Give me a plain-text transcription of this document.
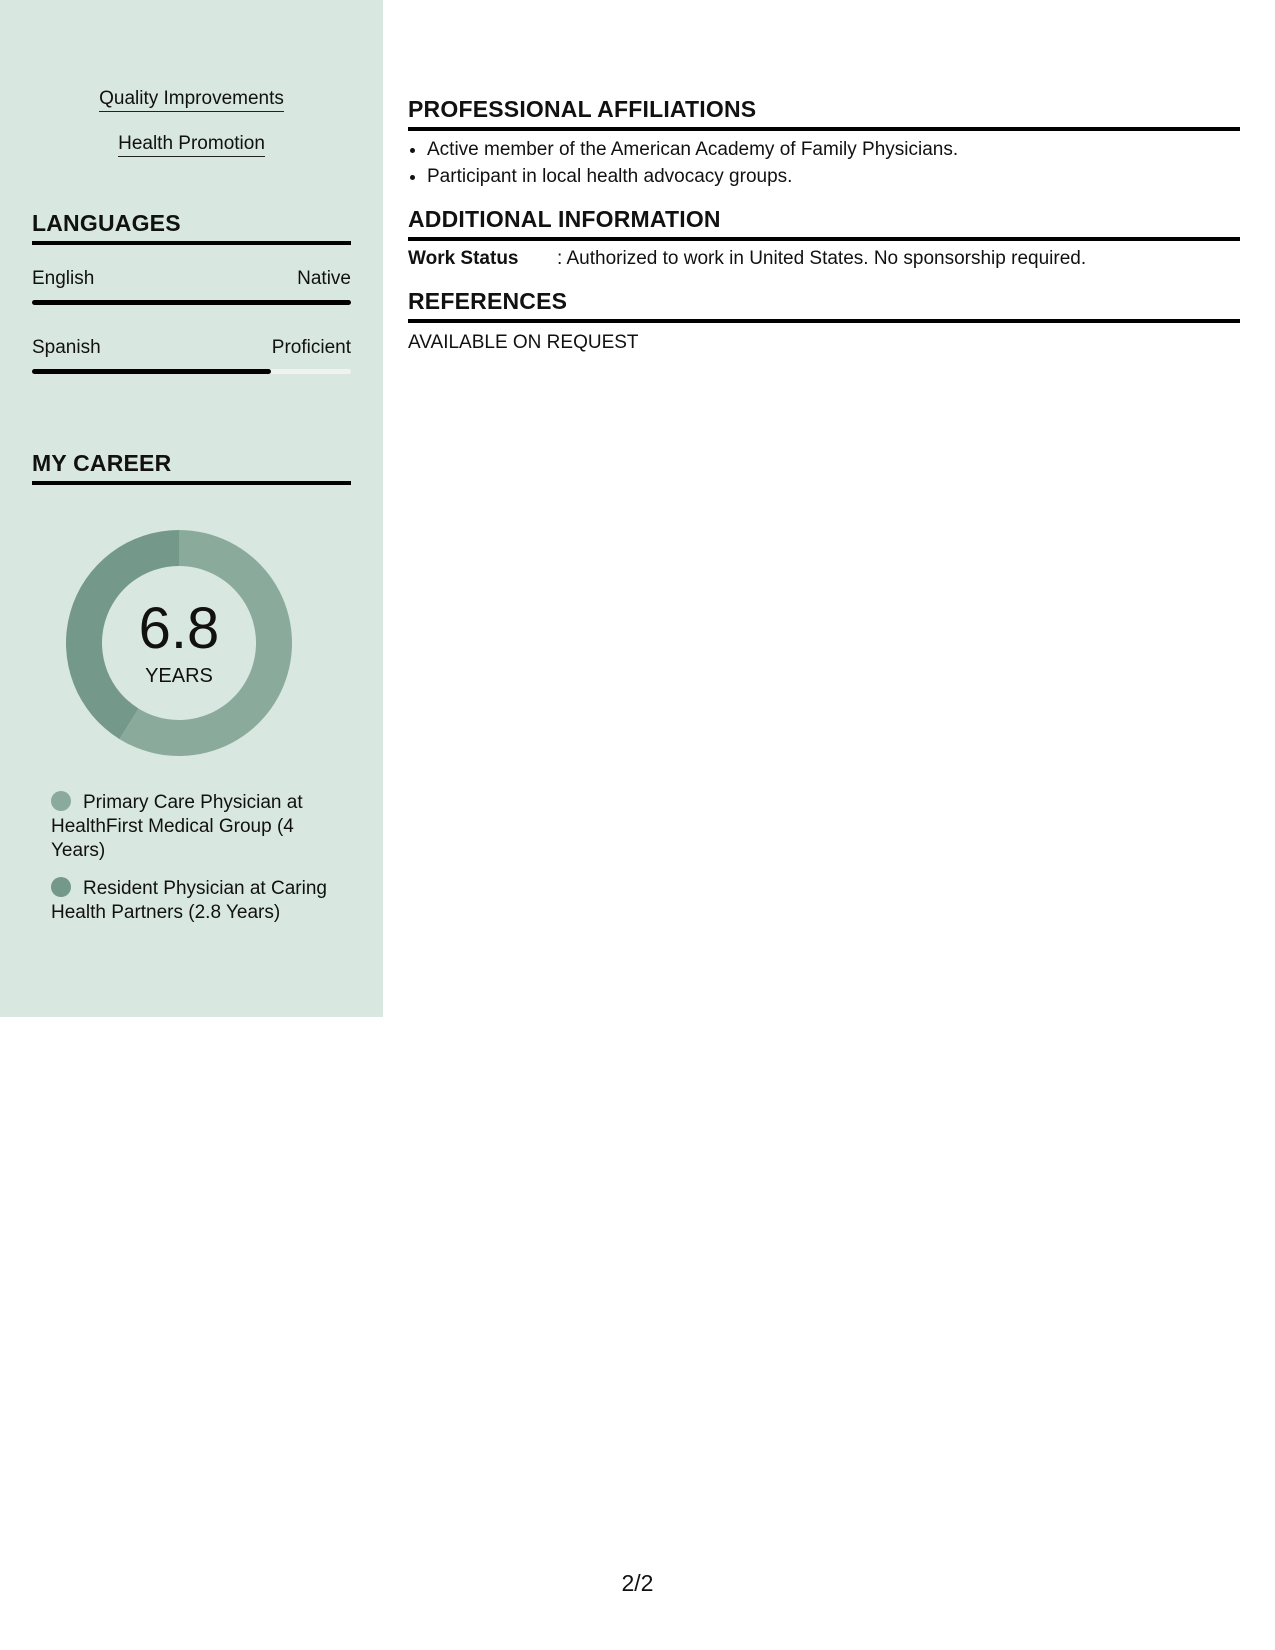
Quality Improvements
Health Promotion
LANGUAGES
English	Native
Spanish	Proficient
MY CAREER
6.8
YEARS
Primary Care Physician at HealthFirst Medical Group (4 Years)
Resident Physician at Caring Health Partners (2.8 Years)
PROFESSIONAL AFFILIATIONS
• Active member of the American Academy of Family Physicians.
• Participant in local health advocacy groups.
ADDITIONAL INFORMATION
Work Status : Authorized to work in United States. No sponsorship required.
REFERENCES
AVAILABLE ON REQUEST
2/2
